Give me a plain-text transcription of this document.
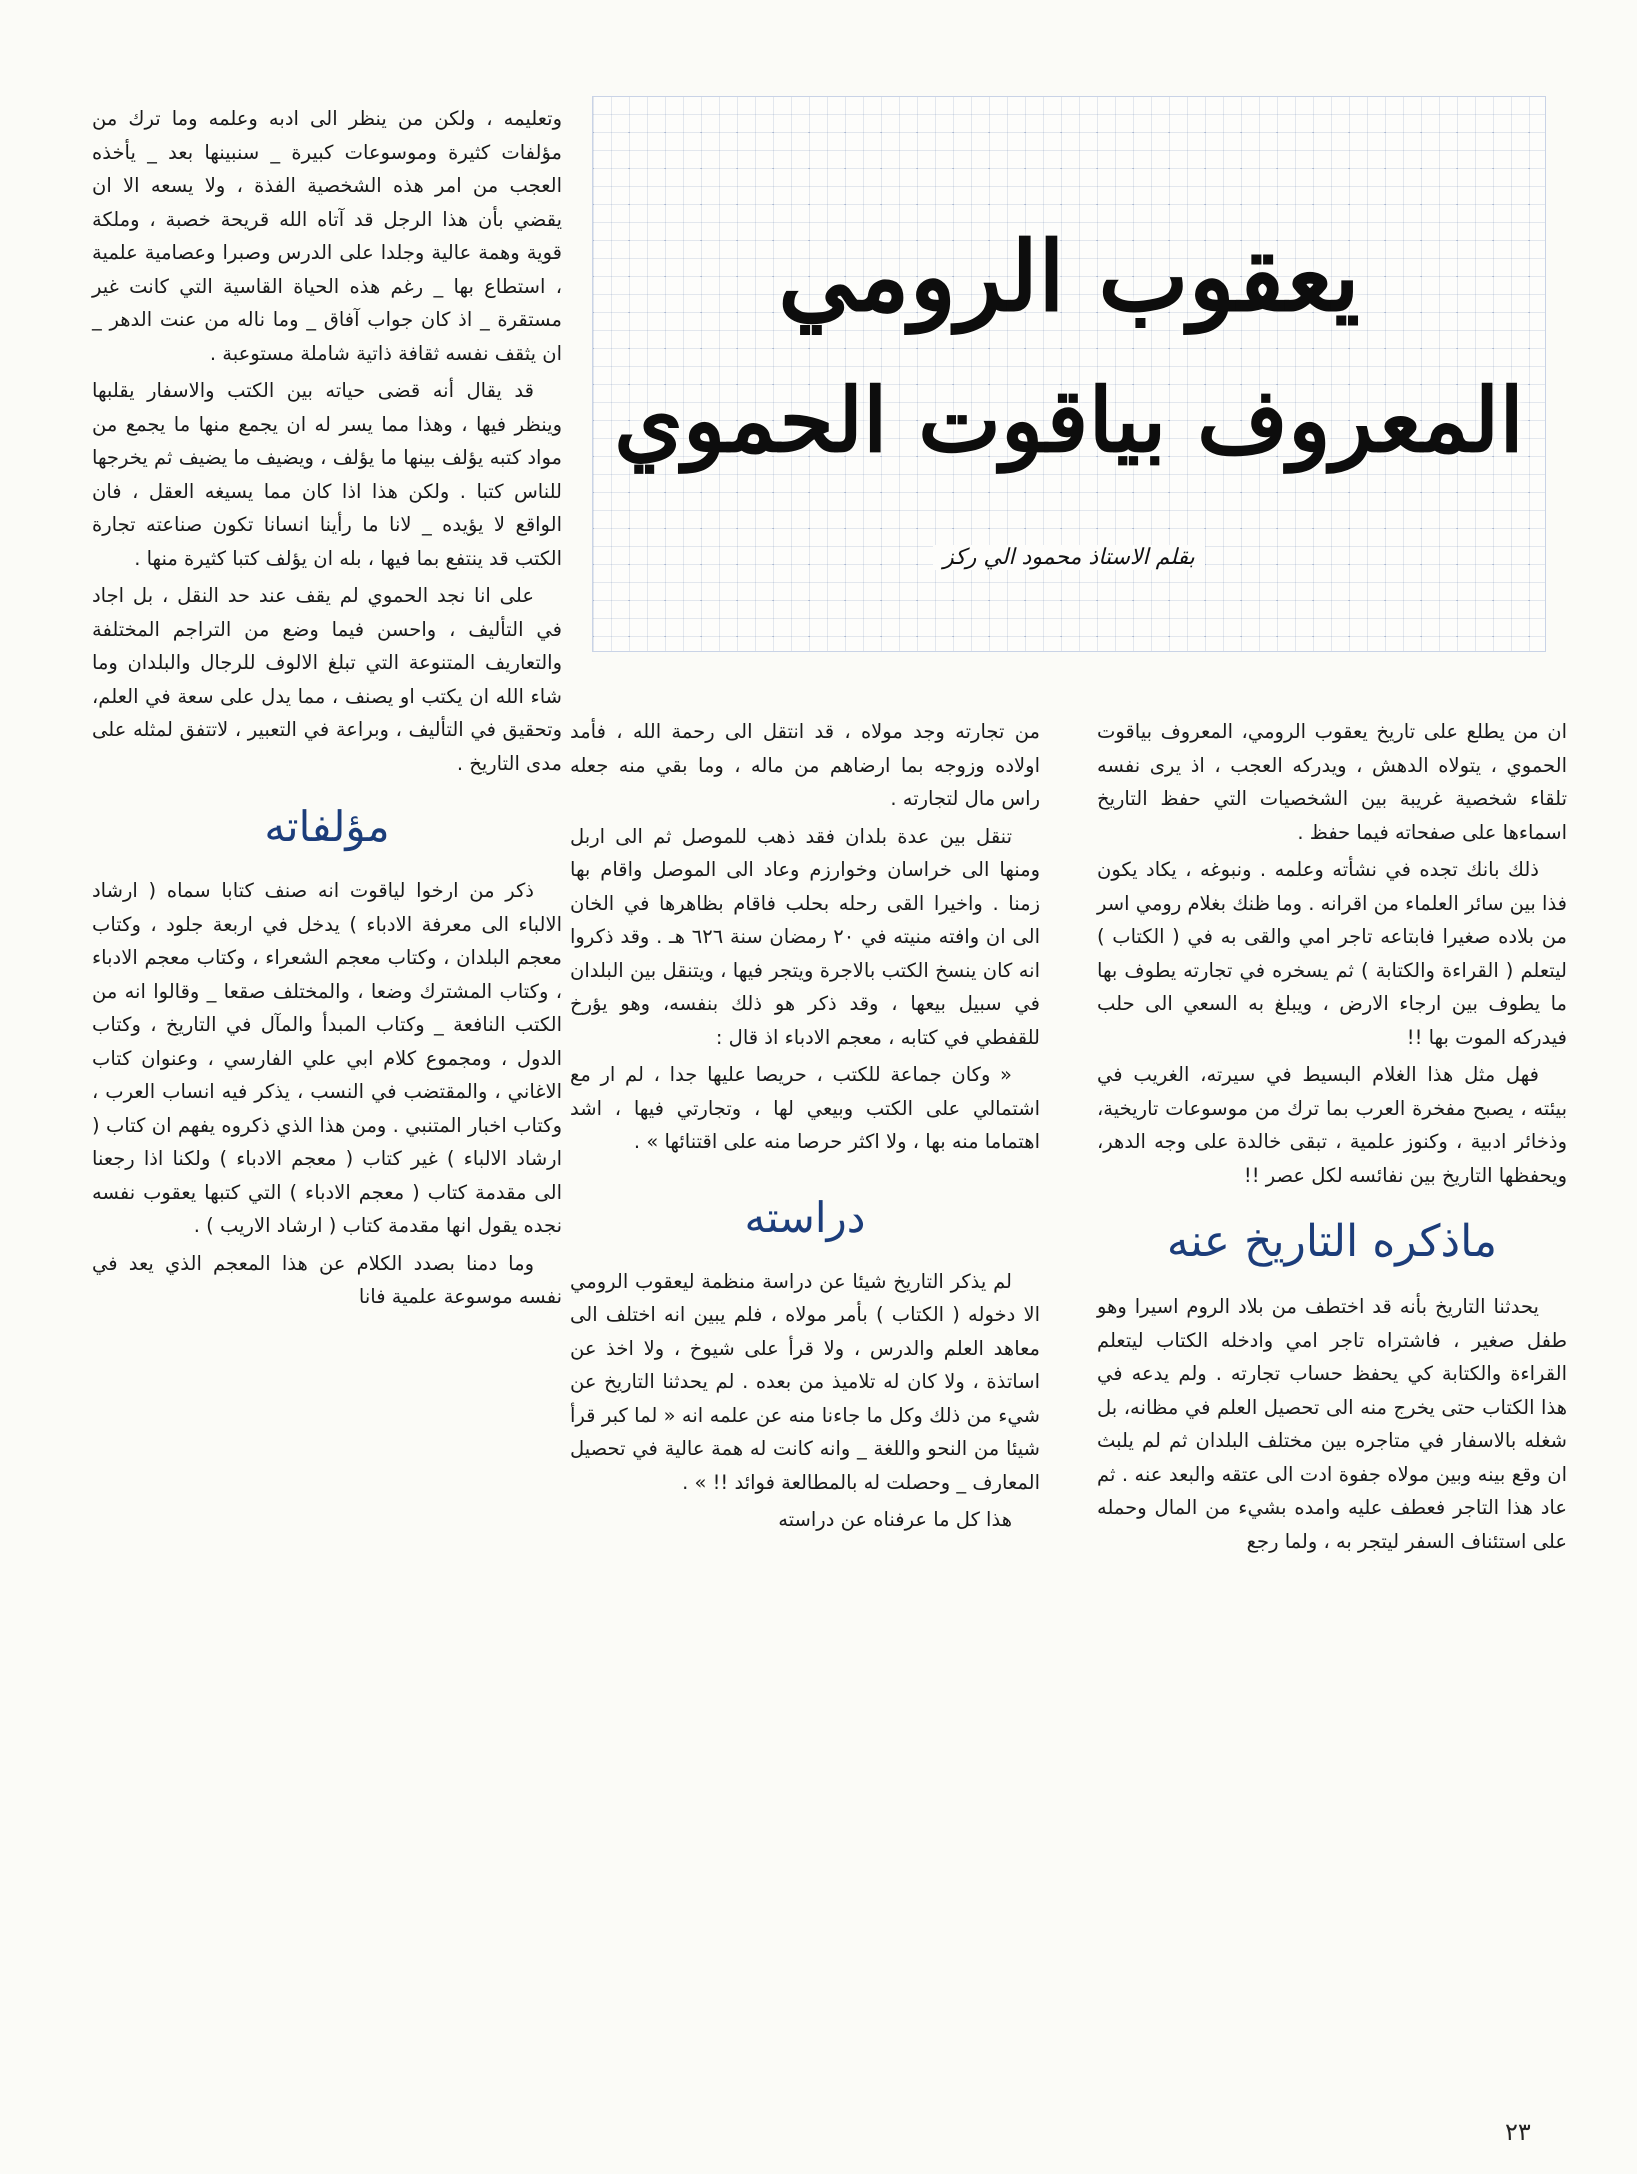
يعقوب الرومي
المعروف بياقوت الحموي
بقلم الاستاذ محمود الي ركز

ان من يطلع على تاريخ يعقوب الرومي، المعروف بياقوت الحموي ، يتولاه الدهش ، ويدركه العجب ، اذ يرى نفسه تلقاء شخصية غريبة بين الشخصيات التي حفظ التاريخ اسماءها على صفحاته فيما حفظ .

ذلك بانك تجده في نشأته وعلمه . ونبوغه ، يكاد يكون فذا بين سائر العلماء من اقرانه . وما ظنك بغلام رومي اسر من بلاده صغيرا فابتاعه تاجر امي والقى به في ( الكتاب ) ليتعلم ( القراءة والكتابة ) ثم يسخره في تجارته يطوف بها ما يطوف بين ارجاء الارض ، ويبلغ به السعي الى حلب فيدركه الموت بها !!

فهل مثل هذا الغلام البسيط في سيرته، الغريب في بيئته ، يصبح مفخرة العرب بما ترك من موسوعات تاريخية، وذخائر ادبية ، وكنوز علمية ، تبقى خالدة على وجه الدهر، ويحفظها التاريخ بين نفائسه لكل عصر !!

ماذكره التاريخ عنه

يحدثنا التاريخ بأنه قد اختطف من بلاد الروم اسيرا وهو طفل صغير ، فاشتراه تاجر امي وادخله الكتاب ليتعلم القراءة والكتابة كي يحفظ حساب تجارته . ولم يدعه في هذا الكتاب حتى يخرج منه الى تحصيل العلم في مظانه، بل شغله بالاسفار في متاجره بين مختلف البلدان ثم لم يلبث ان وقع بينه وبين مولاه جفوة ادت الى عتقه والبعد عنه . ثم عاد هذا التاجر فعطف عليه وامده بشيء من المال وحمله على استئناف السفر ليتجر به ، ولما رجع

من تجارته وجد مولاه ، قد انتقل الى رحمة الله ، فأمد اولاده وزوجه بما ارضاهم من ماله ، وما بقي منه جعله راس مال لتجارته .

تنقل بين عدة بلدان فقد ذهب للموصل ثم الى اربل ومنها الى خراسان وخوارزم وعاد الى الموصل واقام بها زمنا . واخيرا القى رحله بحلب فاقام بظاهرها في الخان الى ان وافته منيته في ٢٠ رمضان سنة ٦٢٦ هـ . وقد ذكروا انه كان ينسخ الكتب بالاجرة ويتجر فيها ، ويتنقل بين البلدان في سبيل بيعها ، وقد ذكر هو ذلك بنفسه، وهو يؤرخ للقفطي في كتابه ، معجم الادباء اذ قال :

« وكان جماعة للكتب ، حريصا عليها جدا ، لم ار مع اشتمالي على الكتب وبيعي لها ، وتجارتي فيها ، اشد اهتماما منه بها ، ولا اكثر حرصا منه على اقتنائها » .

دراسته

لم يذكر التاريخ شيئا عن دراسة منظمة ليعقوب الرومي الا دخوله ( الكتاب ) بأمر مولاه ، فلم يبين انه اختلف الى معاهد العلم والدرس ، ولا قرأ على شيوخ ، ولا اخذ عن اساتذة ، ولا كان له تلاميذ من بعده . لم يحدثنا التاريخ عن شيء من ذلك وكل ما جاءنا منه عن علمه انه « لما كبر قرأ شيئا من النحو واللغة _ وانه كانت له همة عالية في تحصيل المعارف _ وحصلت له بالمطالعة فوائد !! » .

هذا كل ما عرفناه عن دراسته

وتعليمه ، ولكن من ينظر الى ادبه وعلمه وما ترك من مؤلفات كثيرة وموسوعات كبيرة _ سنبينها بعد _ يأخذه العجب من امر هذه الشخصية الفذة ، ولا يسعه الا ان يقضي بأن هذا الرجل قد آتاه الله قريحة خصبة ، وملكة قوية وهمة عالية وجلدا على الدرس وصبرا وعصامية علمية ، استطاع بها _ رغم هذه الحياة القاسية التي كانت غير مستقرة _ اذ كان جواب آفاق _ وما ناله من عنت الدهر _ ان يثقف نفسه ثقافة ذاتية شاملة مستوعبة .

قد يقال أنه قضى حياته بين الكتب والاسفار يقلبها وينظر فيها ، وهذا مما يسر له ان يجمع منها ما يجمع من مواد كتبه يؤلف بينها ما يؤلف ، ويضيف ما يضيف ثم يخرجها للناس كتبا . ولكن هذا اذا كان مما يسيغه العقل ، فان الواقع لا يؤيده _ لانا ما رأينا انسانا تكون صناعته تجارة الكتب قد ينتفع بما فيها ، بله ان يؤلف كتبا كثيرة منها .

على انا نجد الحموي لم يقف عند حد النقل ، بل اجاد في التأليف ، واحسن فيما وضع من التراجم المختلفة والتعاريف المتنوعة التي تبلغ الالوف للرجال والبلدان وما شاء الله ان يكتب او يصنف ، مما يدل على سعة في العلم، وتحقيق في التأليف ، وبراعة في التعبير ، لاتتفق لمثله على مدى التاريخ .

مؤلفاته

ذكر من ارخوا لياقوت انه صنف كتابا سماه ( ارشاد الالباء الى معرفة الادباء ) يدخل في اربعة جلود ، وكتاب معجم البلدان ، وكتاب معجم الشعراء ، وكتاب معجم الادباء ، وكتاب المشترك وضعا ، والمختلف صقعا _ وقالوا انه من الكتب النافعة _ وكتاب المبدأ والمآل في التاريخ ، وكتاب الدول ، ومجموع كلام ابي علي الفارسي ، وعنوان كتاب الاغاني ، والمقتضب في النسب ، يذكر فيه انساب العرب ، وكتاب اخبار المتنبي . ومن هذا الذي ذكروه يفهم ان كتاب ( ارشاد الالباء ) غير كتاب ( معجم الادباء ) ولكنا اذا رجعنا الى مقدمة كتاب ( معجم الادباء ) التي كتبها يعقوب نفسه نجده يقول انها مقدمة كتاب ( ارشاد الاريب ) .

وما دمنا بصدد الكلام عن هذا المعجم الذي يعد في نفسه موسوعة علمية فانا

٢٣
